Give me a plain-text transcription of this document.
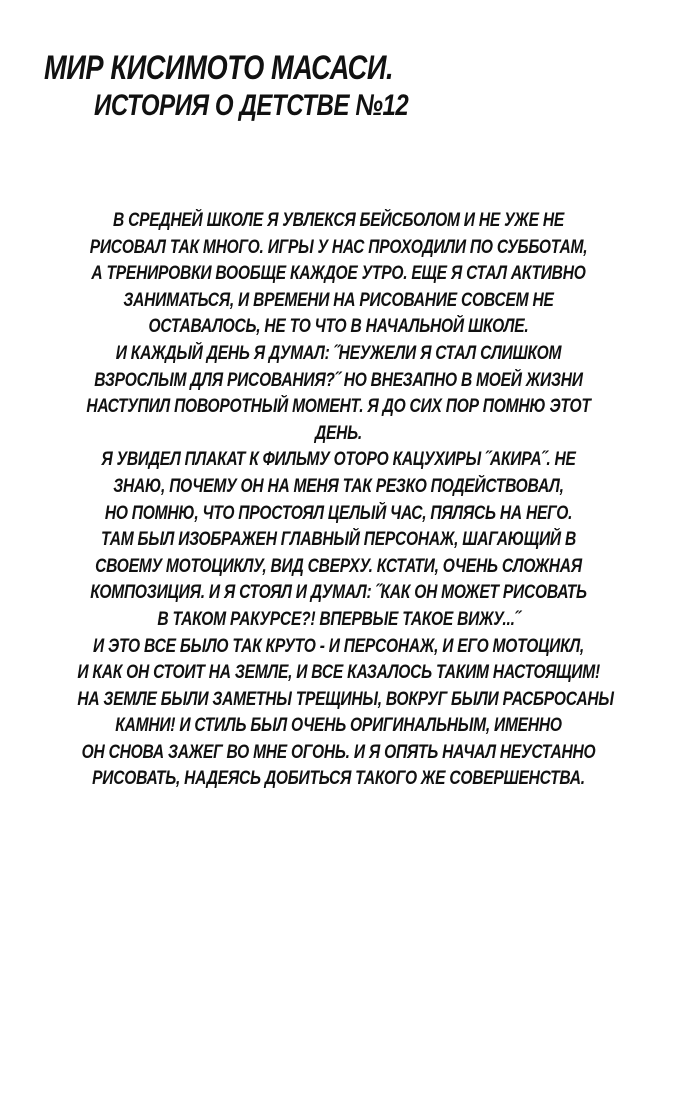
МИР КИСИМОТО МАСАСИ.
ИСТОРИЯ О ДЕТСТВЕ №12
В СРЕДНЕЙ ШКОЛЕ Я УВЛЕКСЯ БЕЙСБОЛОМ И НЕ УЖЕ НЕ
РИСОВАЛ ТАК МНОГО. ИГРЫ У НАС ПРОХОДИЛИ ПО СУББОТАМ,
А ТРЕНИРОВКИ ВООБЩЕ КАЖДОЕ УТРО. ЕЩЕ Я СТАЛ АКТИВНО
ЗАНИМАТЬСЯ, И ВРЕМЕНИ НА РИСОВАНИЕ СОВСЕМ НЕ
ОСТАВАЛОСЬ, НЕ ТО ЧТО В НАЧАЛЬНОЙ ШКОЛЕ.
И КАЖДЫЙ ДЕНЬ Я ДУМАЛ: ˝НЕУЖЕЛИ Я СТАЛ СЛИШКОМ
ВЗРОСЛЫМ ДЛЯ РИСОВАНИЯ?˝ НО ВНЕЗАПНО В МОЕЙ ЖИЗНИ
НАСТУПИЛ ПОВОРОТНЫЙ МОМЕНТ. Я ДО СИХ ПОР ПОМНЮ ЭТОТ
ДЕНЬ.
Я УВИДЕЛ ПЛАКАТ К ФИЛЬМУ ОТОРО КАЦУХИРЫ ˝АКИРА˝. НЕ
ЗНАЮ, ПОЧЕМУ ОН НА МЕНЯ ТАК РЕЗКО ПОДЕЙСТВОВАЛ,
НО ПОМНЮ, ЧТО ПРОСТОЯЛ ЦЕЛЫЙ ЧАС, ПЯЛЯСЬ НА НЕГО.
ТАМ БЫЛ ИЗОБРАЖЕН ГЛАВНЫЙ ПЕРСОНАЖ, ШАГАЮЩИЙ В
СВОЕМУ МОТОЦИКЛУ, ВИД СВЕРХУ. КСТАТИ, ОЧЕНЬ СЛОЖНАЯ
КОМПОЗИЦИЯ. И Я СТОЯЛ И ДУМАЛ: ˝КАК ОН МОЖЕТ РИСОВАТЬ
В ТАКОМ РАКУРСЕ?! ВПЕРВЫЕ ТАКОЕ ВИЖУ...˝
И ЭТО ВСЕ БЫЛО ТАК КРУТО - И ПЕРСОНАЖ, И ЕГО МОТОЦИКЛ,
И КАК ОН СТОИТ НА ЗЕМЛЕ, И ВСЕ КАЗАЛОСЬ ТАКИМ НАСТОЯЩИМ!
НА ЗЕМЛЕ БЫЛИ ЗАМЕТНЫ ТРЕЩИНЫ, ВОКРУГ БЫЛИ РАСБРОСАНЫ
КАМНИ! И СТИЛЬ БЫЛ ОЧЕНЬ ОРИГИНАЛЬНЫМ, ИМЕННО
ОН СНОВА ЗАЖЕГ ВО МНЕ ОГОНЬ. И Я ОПЯТЬ НАЧАЛ НЕУСТАННО
РИСОВАТЬ, НАДЕЯСЬ ДОБИТЬСЯ ТАКОГО ЖЕ СОВЕРШЕНСТВА.
